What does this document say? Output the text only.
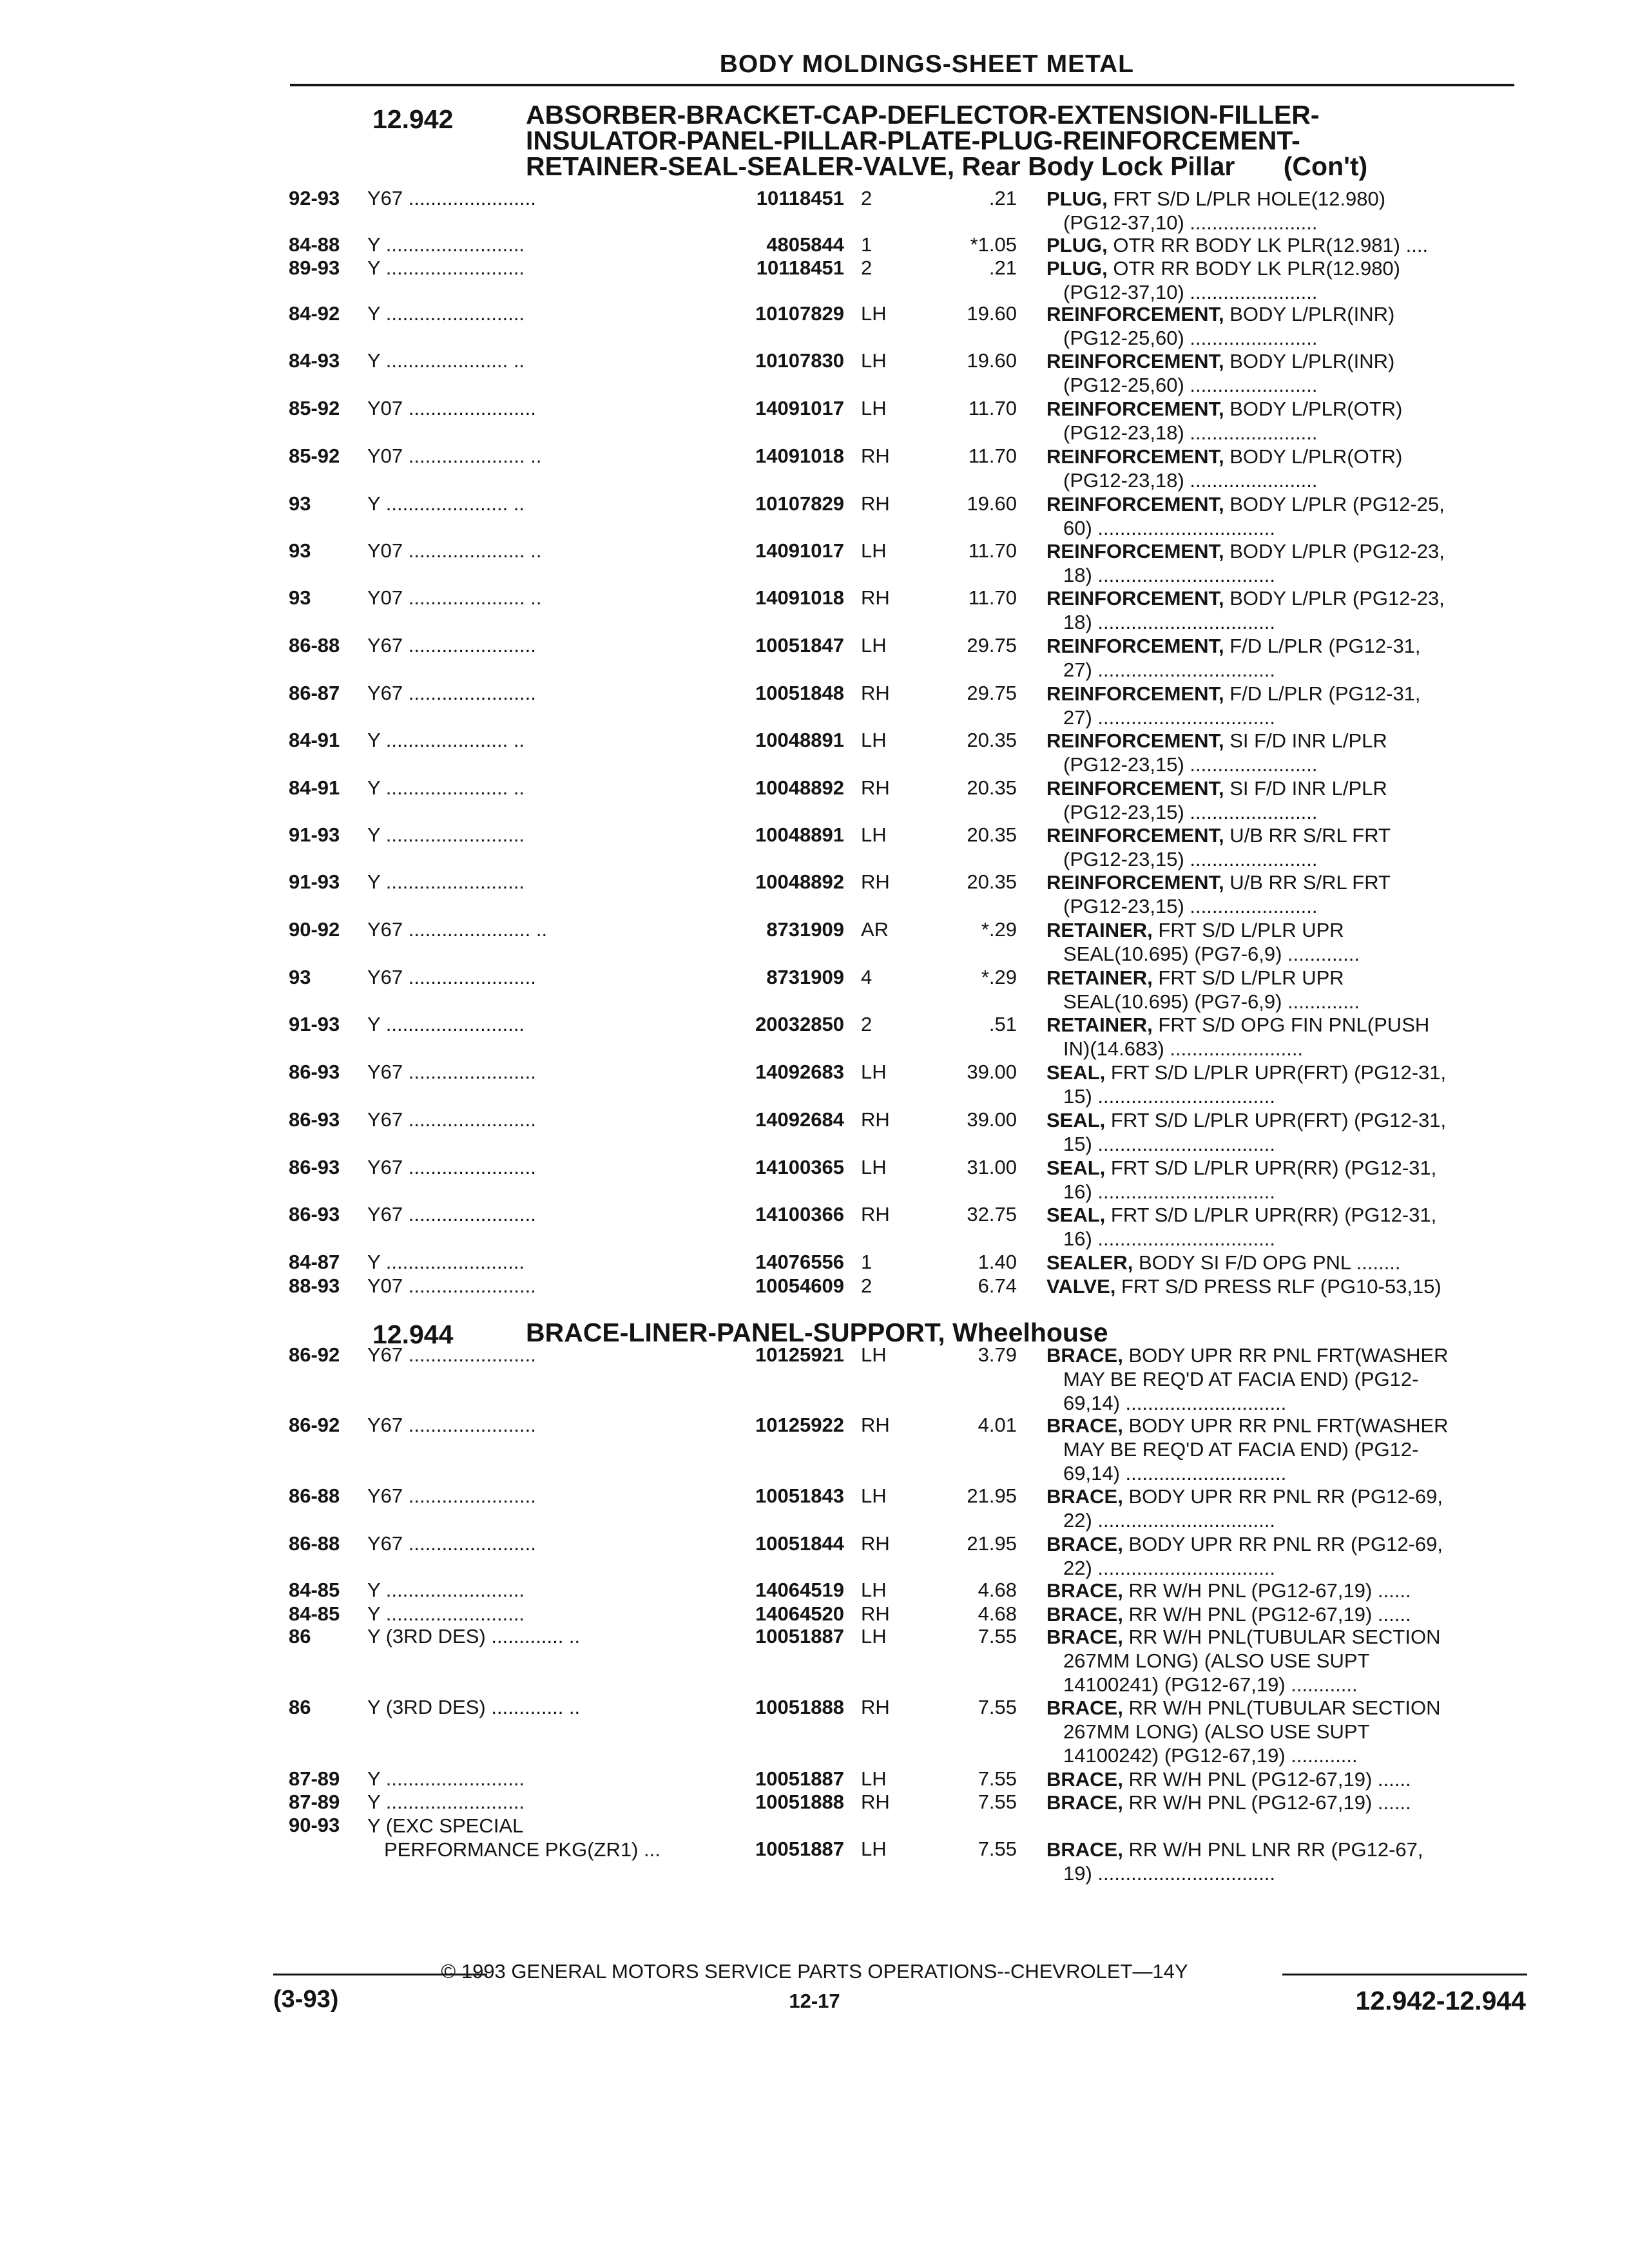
BODY MOLDINGS-SHEET METAL
12.942	ABSORBER-BRACKET-CAP-DEFLECTOR-EXTENSION-FILLER-
INSULATOR-PANEL-PILLAR-PLATE-PLUG-REINFORCEMENT-
RETAINER-SEAL-SEALER-VALVE, Rear Body Lock Pillar (Con't)
92-93 Y67 .......................	10118451 2	.21 PLUG, FRT S/D L/PLR HOLE(12.980)
(PG12-37,10) .......................
84-88 Y .........................	4805844 1	*1.05 PLUG, OTR RR BODY LK PLR(12.981) ....
89-93 Y .........................	10118451 2	.21 PLUG, OTR RR BODY LK PLR(12.980)
(PG12-37,10) .......................
84-92 Y .........................	10107829 LH	19.60 REINFORCEMENT, BODY L/PLR(INR)
(PG12-25,60) .......................
84-93 Y ...................... ..	10107830 LH	19.60 REINFORCEMENT, BODY L/PLR(INR)
(PG12-25,60) .......................
85-92 Y07 .......................	14091017 LH	11.70 REINFORCEMENT, BODY L/PLR(OTR)
(PG12-23,18) .......................
85-92 Y07 ..................... ..	14091018 RH	11.70 REINFORCEMENT, BODY L/PLR(OTR)
(PG12-23,18) .......................
93	Y ...................... ..	10107829 RH	19.60 REINFORCEMENT, BODY L/PLR (PG12-25,
60) ................................
93	Y07 ..................... ..	14091017 LH	11.70 REINFORCEMENT, BODY L/PLR (PG12-23,
18) ................................
93	Y07 ..................... ..	14091018 RH	11.70 REINFORCEMENT, BODY L/PLR (PG12-23,
18) ................................
86-88 Y67 .......................	10051847 LH	29.75 REINFORCEMENT, F/D L/PLR (PG12-31,
27) ................................
86-87 Y67 .......................	10051848 RH	29.75 REINFORCEMENT, F/D L/PLR (PG12-31,
27) ................................
84-91 Y ...................... ..	10048891 LH	20.35 REINFORCEMENT, SI F/D INR L/PLR
(PG12-23,15) .......................
84-91 Y ...................... ..	10048892 RH	20.35 REINFORCEMENT, SI F/D INR L/PLR
(PG12-23,15) .......................
91-93 Y .........................	10048891 LH	20.35 REINFORCEMENT, U/B RR S/RL FRT
(PG12-23,15) .......................
91-93 Y .........................	10048892 RH	20.35 REINFORCEMENT, U/B RR S/RL FRT
(PG12-23,15) .......................
90-92 Y67 ...................... ..	8731909 AR	*.29 RETAINER, FRT S/D L/PLR UPR
SEAL(10.695) (PG7-6,9) .............
93	Y67 .......................	8731909 4	*.29 RETAINER, FRT S/D L/PLR UPR
SEAL(10.695) (PG7-6,9) .............
91-93 Y .........................	20032850 2	.51 RETAINER, FRT S/D OPG FIN PNL(PUSH
IN)(14.683) ........................
86-93 Y67 .......................	14092683 LH	39.00 SEAL, FRT S/D L/PLR UPR(FRT) (PG12-31,
15) ................................
86-93 Y67 .......................	14092684 RH	39.00 SEAL, FRT S/D L/PLR UPR(FRT) (PG12-31,
15) ................................
86-93 Y67 .......................	14100365 LH	31.00 SEAL, FRT S/D L/PLR UPR(RR) (PG12-31,
16) ................................
86-93 Y67 .......................	14100366 RH	32.75 SEAL, FRT S/D L/PLR UPR(RR) (PG12-31,
16) ................................
84-87 Y .........................	14076556 1	1.40 SEALER, BODY SI F/D OPG PNL ........
88-93 Y07 .......................	10054609 2	6.74 VALVE, FRT S/D PRESS RLF (PG10-53,15)
12.944	BRACE-LINER-PANEL-SUPPORT, Wheelhouse
86-92 Y67 .......................	10125921 LH	3.79 BRACE, BODY UPR RR PNL FRT(WASHER
MAY BE REQ'D AT FACIA END) (PG12-
69,14) .............................
86-92 Y67 .......................	10125922 RH	4.01 BRACE, BODY UPR RR PNL FRT(WASHER
MAY BE REQ'D AT FACIA END) (PG12-
69,14) .............................
86-88 Y67 .......................	10051843 LH	21.95 BRACE, BODY UPR RR PNL RR (PG12-69,
22) ................................
86-88 Y67 .......................	10051844 RH	21.95 BRACE, BODY UPR RR PNL RR (PG12-69,
22) ................................
84-85 Y .........................	14064519 LH	4.68 BRACE, RR W/H PNL (PG12-67,19) ......
84-85 Y .........................	14064520 RH	4.68 BRACE, RR W/H PNL (PG12-67,19) ......
86	Y (3RD DES) ............. ..	10051887 LH	7.55 BRACE, RR W/H PNL(TUBULAR SECTION
267MM LONG) (ALSO USE SUPT
14100241) (PG12-67,19) ............
86	Y (3RD DES) ............. ..	10051888 RH	7.55 BRACE, RR W/H PNL(TUBULAR SECTION
267MM LONG) (ALSO USE SUPT
14100242) (PG12-67,19) ............
87-89 Y .........................	10051887 LH	7.55 BRACE, RR W/H PNL (PG12-67,19) ......
87-89 Y .........................	10051888 RH	7.55 BRACE, RR W/H PNL (PG12-67,19) ......
90-93 Y (EXC SPECIAL
PERFORMANCE PKG(ZR1) ...	10051887 LH	7.55 BRACE, RR W/H PNL LNR RR (PG12-67,
19) ................................
© 1993 GENERAL MOTORS SERVICE PARTS OPERATIONS--CHEVROLET—14Y
(3-93)	12-17	12.942-12.944
